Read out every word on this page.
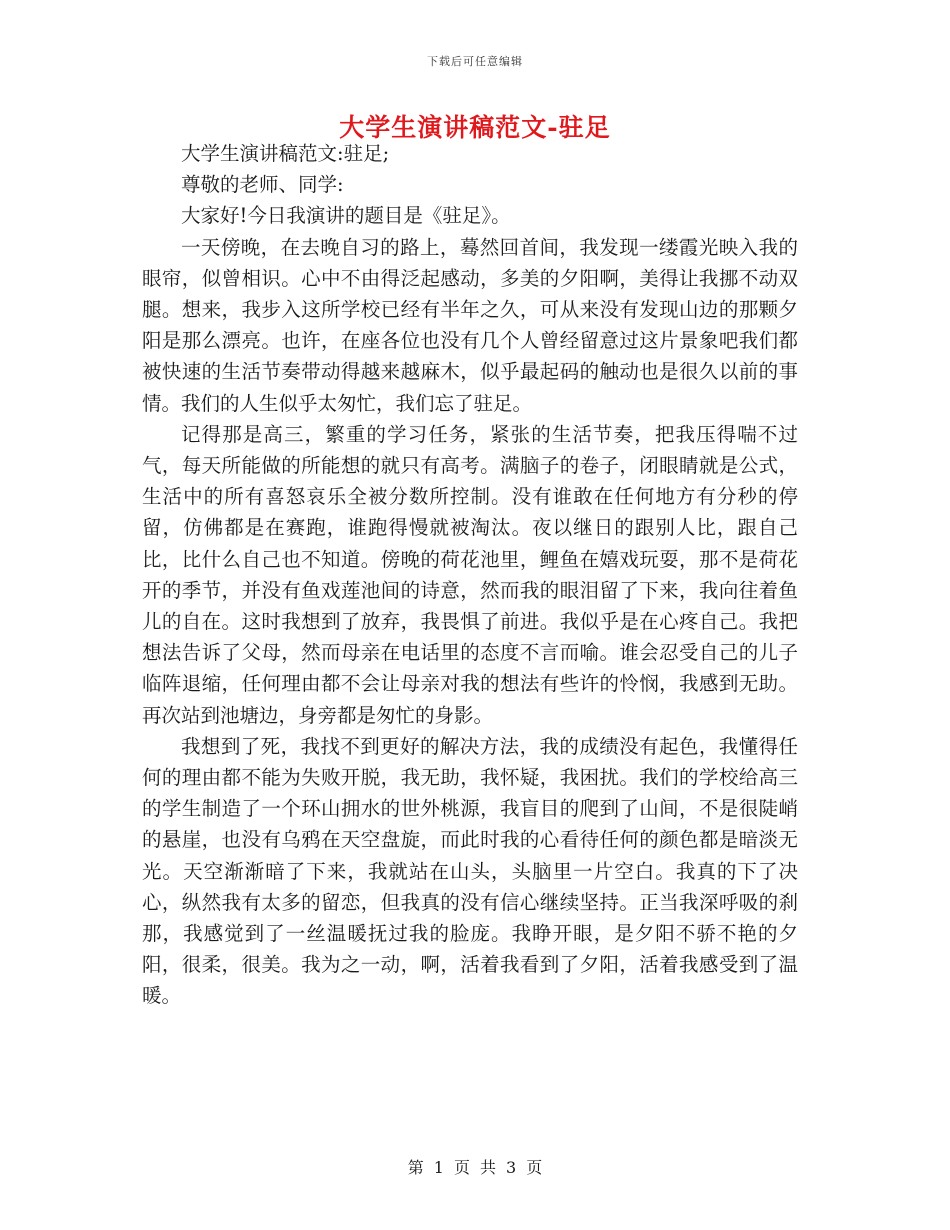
下载后可任意编辑
大学生演讲稿范文-驻足

大学生演讲稿范文:驻足;

尊敬的老师、同学:

大家好!今日我演讲的题目是《驻足》。

一天傍晚，在去晚自习的路上，蓦然回首间，我发现一缕霞光映入我的眼帘，似曾相识。心中不由得泛起感动，多美的夕阳啊，美得让我挪不动双腿。想来，我步入这所学校已经有半年之久，可从来没有发现山边的那颗夕阳是那么漂亮。也许，在座各位也没有几个人曾经留意过这片景象吧我们都被快速的生活节奏带动得越来越麻木，似乎最起码的触动也是很久以前的事情。我们的人生似乎太匆忙，我们忘了驻足。

记得那是高三，繁重的学习任务，紧张的生活节奏，把我压得喘不过气，每天所能做的所能想的就只有高考。满脑子的卷子，闭眼睛就是公式，生活中的所有喜怒哀乐全被分数所控制。没有谁敢在任何地方有分秒的停留，仿佛都是在赛跑，谁跑得慢就被淘汰。夜以继日的跟别人比，跟自己比，比什么自己也不知道。傍晚的荷花池里，鲤鱼在嬉戏玩耍，那不是荷花开的季节，并没有鱼戏莲池间的诗意，然而我的眼泪留了下来，我向往着鱼儿的自在。这时我想到了放弃，我畏惧了前进。我似乎是在心疼自己。我把想法告诉了父母，然而母亲在电话里的态度不言而喻。谁会忍受自己的儿子临阵退缩，任何理由都不会让母亲对我的想法有些许的怜悯，我感到无助。再次站到池塘边，身旁都是匆忙的身影。

我想到了死，我找不到更好的解决方法，我的成绩没有起色，我懂得任何的理由都不能为失败开脱，我无助，我怀疑，我困扰。我们的学校给高三的学生制造了一个环山拥水的世外桃源，我盲目的爬到了山间，不是很陡峭的悬崖，也没有乌鸦在天空盘旋，而此时我的心看待任何的颜色都是暗淡无光。天空渐渐暗了下来，我就站在山头，头脑里一片空白。我真的下了决心，纵然我有太多的留恋，但我真的没有信心继续坚持。正当我深呼吸的刹那，我感觉到了一丝温暖抚过我的脸庞。我睁开眼，是夕阳不骄不艳的夕阳，很柔，很美。我为之一动，啊，活着我看到了夕阳，活着我感受到了温暖。

第 1 页 共 3 页
